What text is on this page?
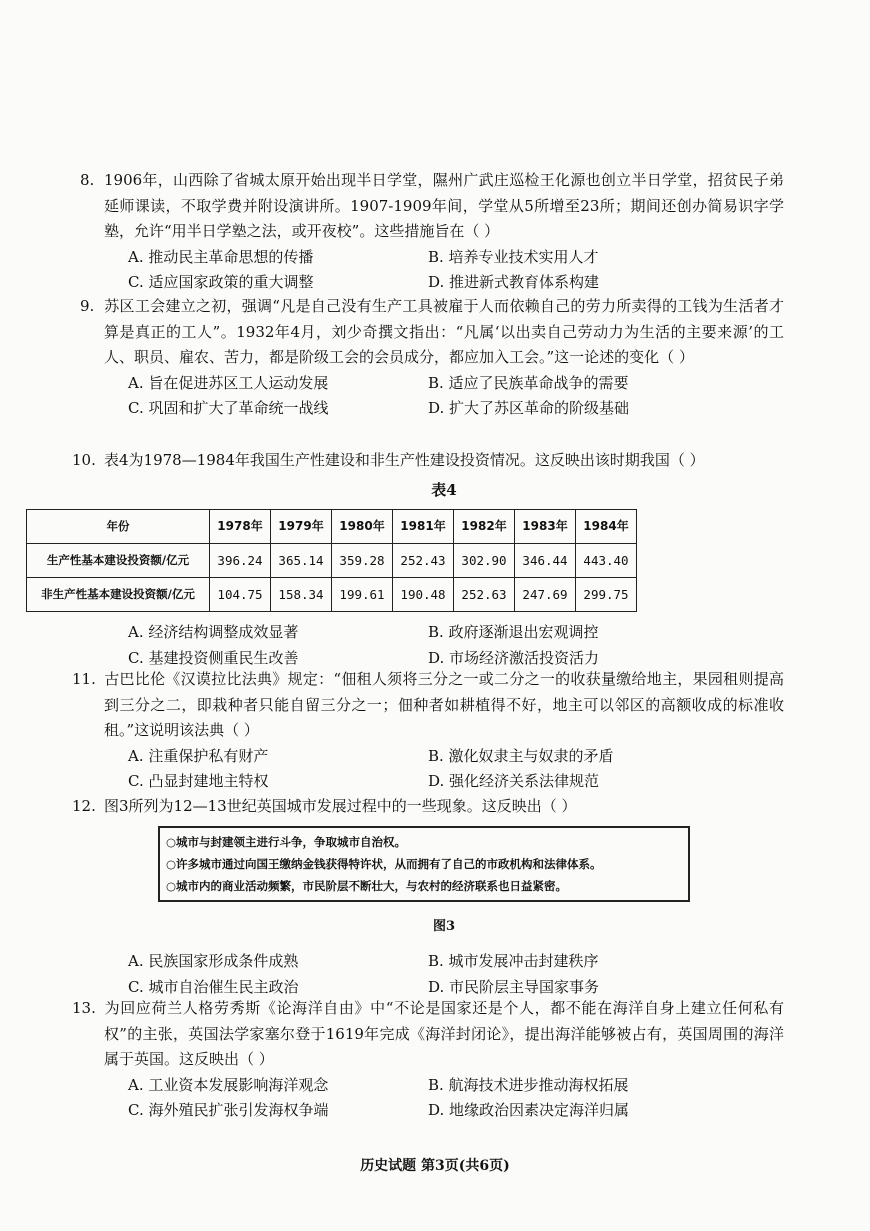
8. 1906年，山西除了省城太原开始出现半日学堂，隰州广武庄巡检王化源也创立半日学堂，招贫民子弟延师课读，不取学费并附设演讲所。1907-1909年间，学堂从5所增至23所；期间还创办简易识字学塾，允许“用半日学塾之法，或开夜校”。这些措施旨在（ ）

A. 推动民主革命思想的传播	B. 培养专业技术实用人才
C. 适应国家政策的重大调整	D. 推进新式教育体系构建

9. 苏区工会建立之初，强调“凡是自己没有生产工具被雇于人而依赖自己的劳力所卖得的工钱为生活者才算是真正的工人”。1932年4月，刘少奇撰文指出：“凡属‘以出卖自己劳动力为生活的主要来源’的工人、职员、雇农、苦力，都是阶级工会的会员成分，都应加入工会。”这一论述的变化（ ）

A. 旨在促进苏区工人运动发展	B. 适应了民族革命战争的需要
C. 巩固和扩大了革命统一战线	D. 扩大了苏区革命的阶级基础

10. 表4为1978—1984年我国生产性建设和非生产性建设投资情况。这反映出该时期我国（ ）

表4
年份	1978年	1979年	1980年	1981年	1982年	1983年	1984年
生产性基本建设投资额/亿元	396.24	365.14	359.28	252.43	302.90	346.44	443.40
非生产性基本建设投资额/亿元	104.75	158.34	199.61	190.48	252.63	247.69	299.75
A. 经济结构调整成效显著	B. 政府逐渐退出宏观调控
C. 基建投资侧重民生改善	D. 市场经济激活投资活力

11. 古巴比伦《汉谟拉比法典》规定：“佃租人须将三分之一或二分之一的收获量缴给地主，果园租则提高到三分之二，即栽种者只能自留三分之一；佃种者如耕植得不好，地主可以邻区的高额收成的标准收租。”这说明该法典（ ）

A. 注重保护私有财产	B. 激化奴隶主与奴隶的矛盾
C. 凸显封建地主特权	D. 强化经济关系法律规范

12. 图3所列为12—13世纪英国城市发展过程中的一些现象。这反映出（ ）

○城市与封建领主进行斗争，争取城市自治权。
○许多城市通过向国王缴纳金钱获得特许状，从而拥有了自己的市政机构和法律体系。
○城市内的商业活动频繁，市民阶层不断壮大，与农村的经济联系也日益紧密。
图3
A. 民族国家形成条件成熟	B. 城市发展冲击封建秩序
C. 城市自治催生民主政治	D. 市民阶层主导国家事务

13. 为回应荷兰人格劳秀斯《论海洋自由》中“不论是国家还是个人，都不能在海洋自身上建立任何私有权”的主张，英国法学家塞尔登于1619年完成《海洋封闭论》，提出海洋能够被占有，英国周围的海洋属于英国。这反映出（ ）

A. 工业资本发展影响海洋观念	B. 航海技术进步推动海权拓展
C. 海外殖民扩张引发海权争端	D. 地缘政治因素决定海洋归属
历史试题 第3页(共6页)
